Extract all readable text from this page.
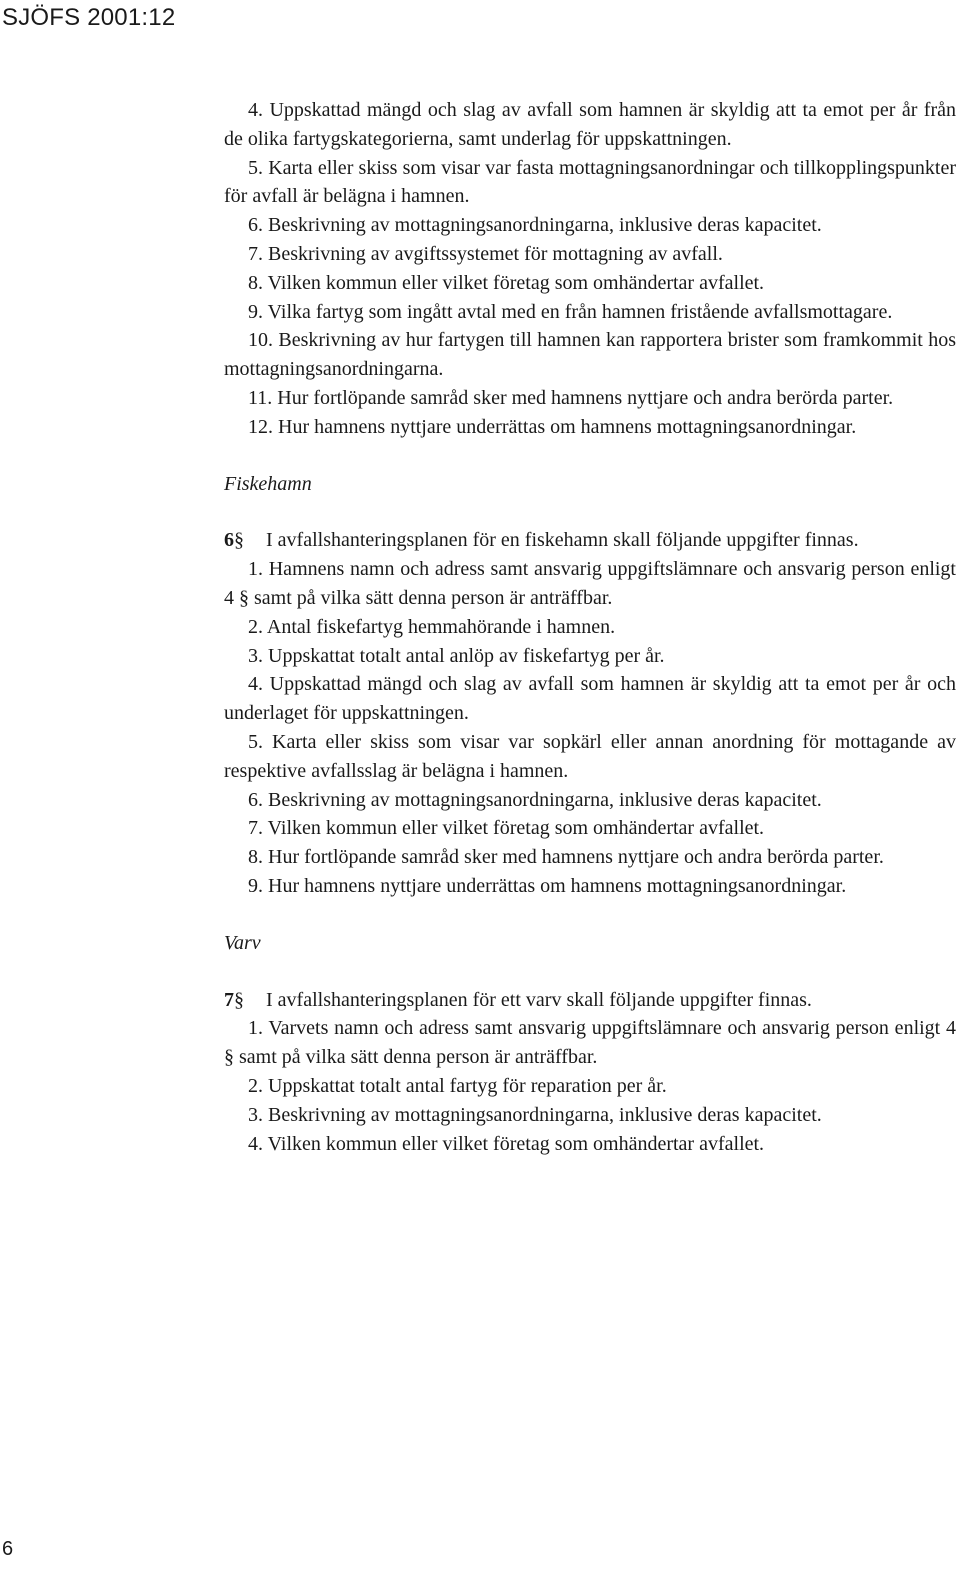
SJÖFS 2001:12

4. Uppskattad mängd och slag av avfall som hamnen är skyldig att ta emot per år från de olika fartygskategorierna, samt underlag för uppskattningen.

5. Karta eller skiss som visar var fasta mottagningsanordningar och tillkopplingspunkter för avfall är belägna i hamnen.

6. Beskrivning av mottagningsanordningarna, inklusive deras kapacitet.

7. Beskrivning av avgiftssystemet för mottagning av avfall.

8. Vilken kommun eller vilket företag som omhändertar avfallet.

9. Vilka fartyg som ingått avtal med en från hamnen fristående avfallsmottagare.

10. Beskrivning av hur fartygen till hamnen kan rapportera brister som framkommit hos mottagningsanordningarna.

11. Hur fortlöpande samråd sker med hamnens nyttjare och andra berörda parter.

12. Hur hamnens nyttjare underrättas om hamnens mottagningsanordningar.

Fiskehamn

6§ I avfallshanteringsplanen för en fiskehamn skall följande uppgifter finnas.

1. Hamnens namn och adress samt ansvarig uppgiftslämnare och ansvarig person enligt 4 § samt på vilka sätt denna person är anträffbar.

2. Antal fiskefartyg hemmahörande i hamnen.

3. Uppskattat totalt antal anlöp av fiskefartyg per år.

4. Uppskattad mängd och slag av avfall som hamnen är skyldig att ta emot per år och underlaget för uppskattningen.

5. Karta eller skiss som visar var sopkärl eller annan anordning för mottagande av respektive avfallsslag är belägna i hamnen.

6. Beskrivning av mottagningsanordningarna, inklusive deras kapacitet.

7. Vilken kommun eller vilket företag som omhändertar avfallet.

8. Hur fortlöpande samråd sker med hamnens nyttjare och andra berörda parter.

9. Hur hamnens nyttjare underrättas om hamnens mottagningsanordningar.

Varv

7§ I avfallshanteringsplanen för ett varv skall följande uppgifter finnas.

1. Varvets namn och adress samt ansvarig uppgiftslämnare och ansvarig person enligt 4 § samt på vilka sätt denna person är anträffbar.

2. Uppskattat totalt antal fartyg för reparation per år.

3. Beskrivning av mottagningsanordningarna, inklusive deras kapacitet.

4. Vilken kommun eller vilket företag som omhändertar avfallet.

6
